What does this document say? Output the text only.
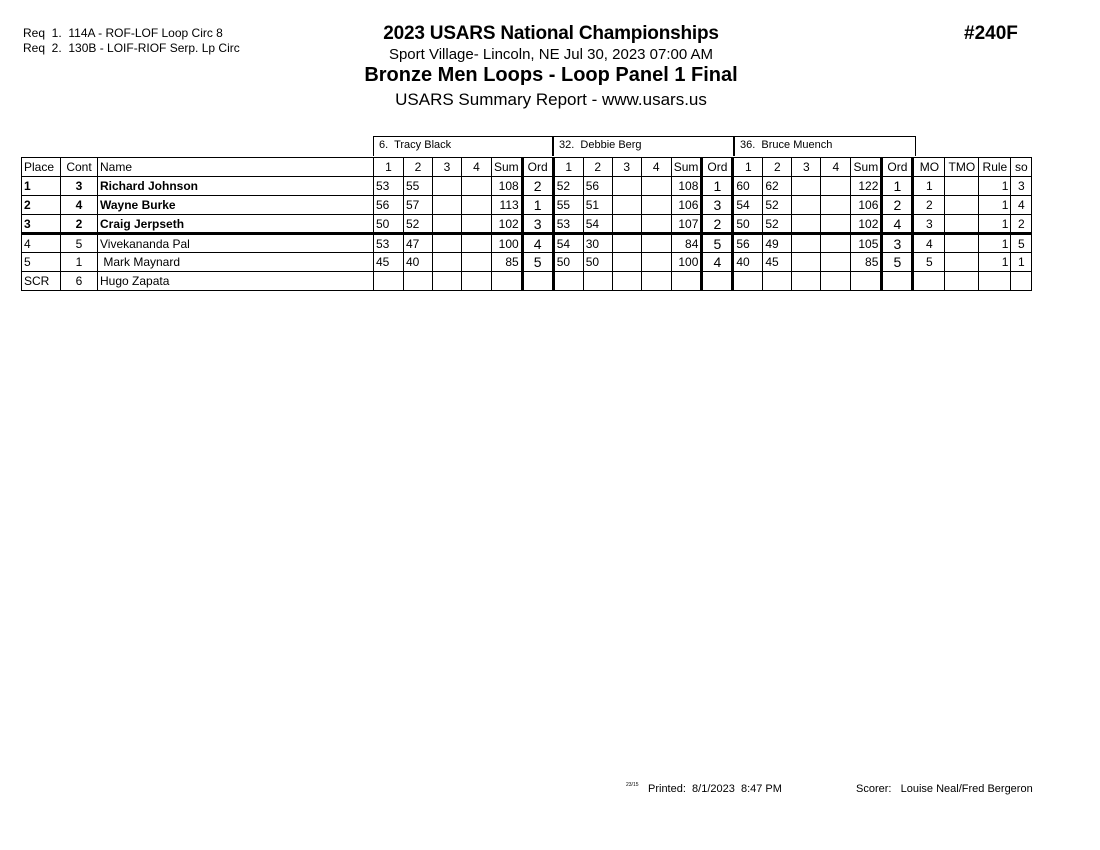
Req  1.  114A - ROF-LOF Loop Circ 8
Req  2.  130B - LOIF-RIOF Serp. Lp Circ
2023 USARS National Championships
Sport Village- Lincoln, NE Jul 30, 2023 07:00 AM
Bronze Men Loops - Loop Panel 1 Final
USARS Summary Report - www.usars.us
#240F
6.  Tracy Black	32.  Debbie Berg	36.  Bruce Muench
Place	Cont	Name	1	2	3	4	Sum	Ord	1	2	3	4	Sum	Ord	1	2	3	4	Sum	Ord	MO	TMO	Rule	so
1	3	Richard Johnson	53	55			108	2	52	56			108	1	60	62			122	1	1		1	3
2	4	Wayne Burke	56	57			113	1	55	51			106	3	54	52			106	2	2		1	4
3	2	Craig Jerpseth	50	52			102	3	53	54			107	2	50	52			102	4	3		1	2
4	5	Vivekananda Pal	53	47			100	4	54	30			84	5	56	49			105	3	4		1	5
5	1	Mark Maynard	45	40			85	5	50	50			100	4	40	45			85	5	5		1	1
SCR	6	Hugo Zapata																						
23/15 Printed:  8/1/2023  8:47 PM	Scorer:   Louise Neal/Fred Bergeron
